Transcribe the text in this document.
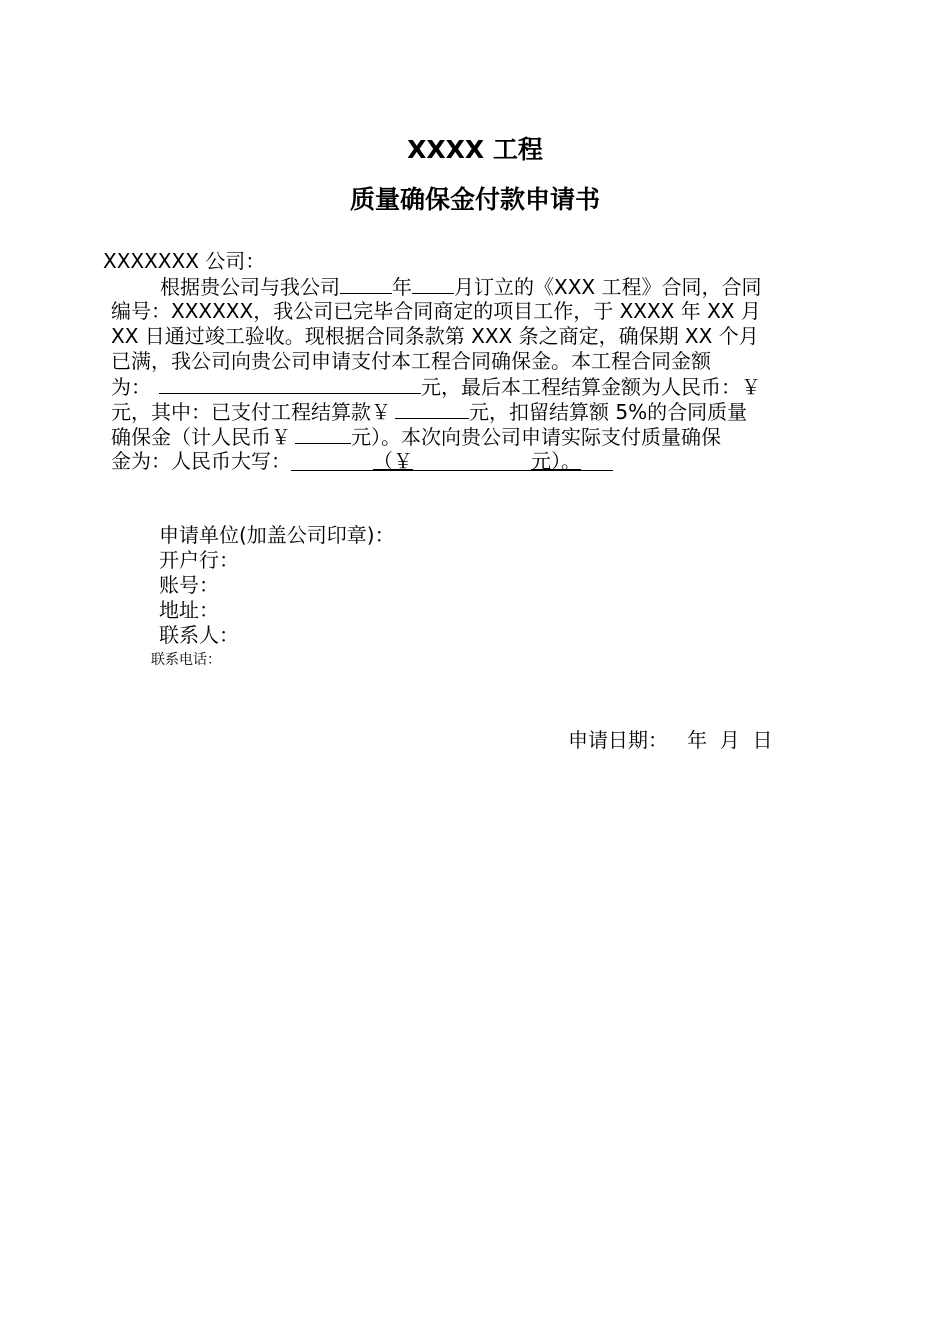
XXXX 工程
质量确保金付款申请书
XXXXXXX 公司：
根据贵公司与我公司	年 月订立的《XXX 工程》合同，合同
编号：XXXXXX，我公司已完毕合同商定的项目工作，于 XXXX 年 XX 月
XX 日通过竣工验收。现根据合同条款第 XXX 条之商定，确保期 XX 个月
已满，我公司向贵公司申请支付本工程合同确保金。本工程合同金额
为：	元，最后本工程结算金额为人民币：￥
元，其中：已支付工程结算款￥	元，扣留结算额 5%的合同质量
确保金（计人民币￥	元）。本次向贵公司申请实际支付质量确保
金为：人民币大写：	（￥	元）。
申请单位(加盖公司印章)：
开户行：
账号：
地址：
联系人：
联系电话：
申请日期：   年  月  日
